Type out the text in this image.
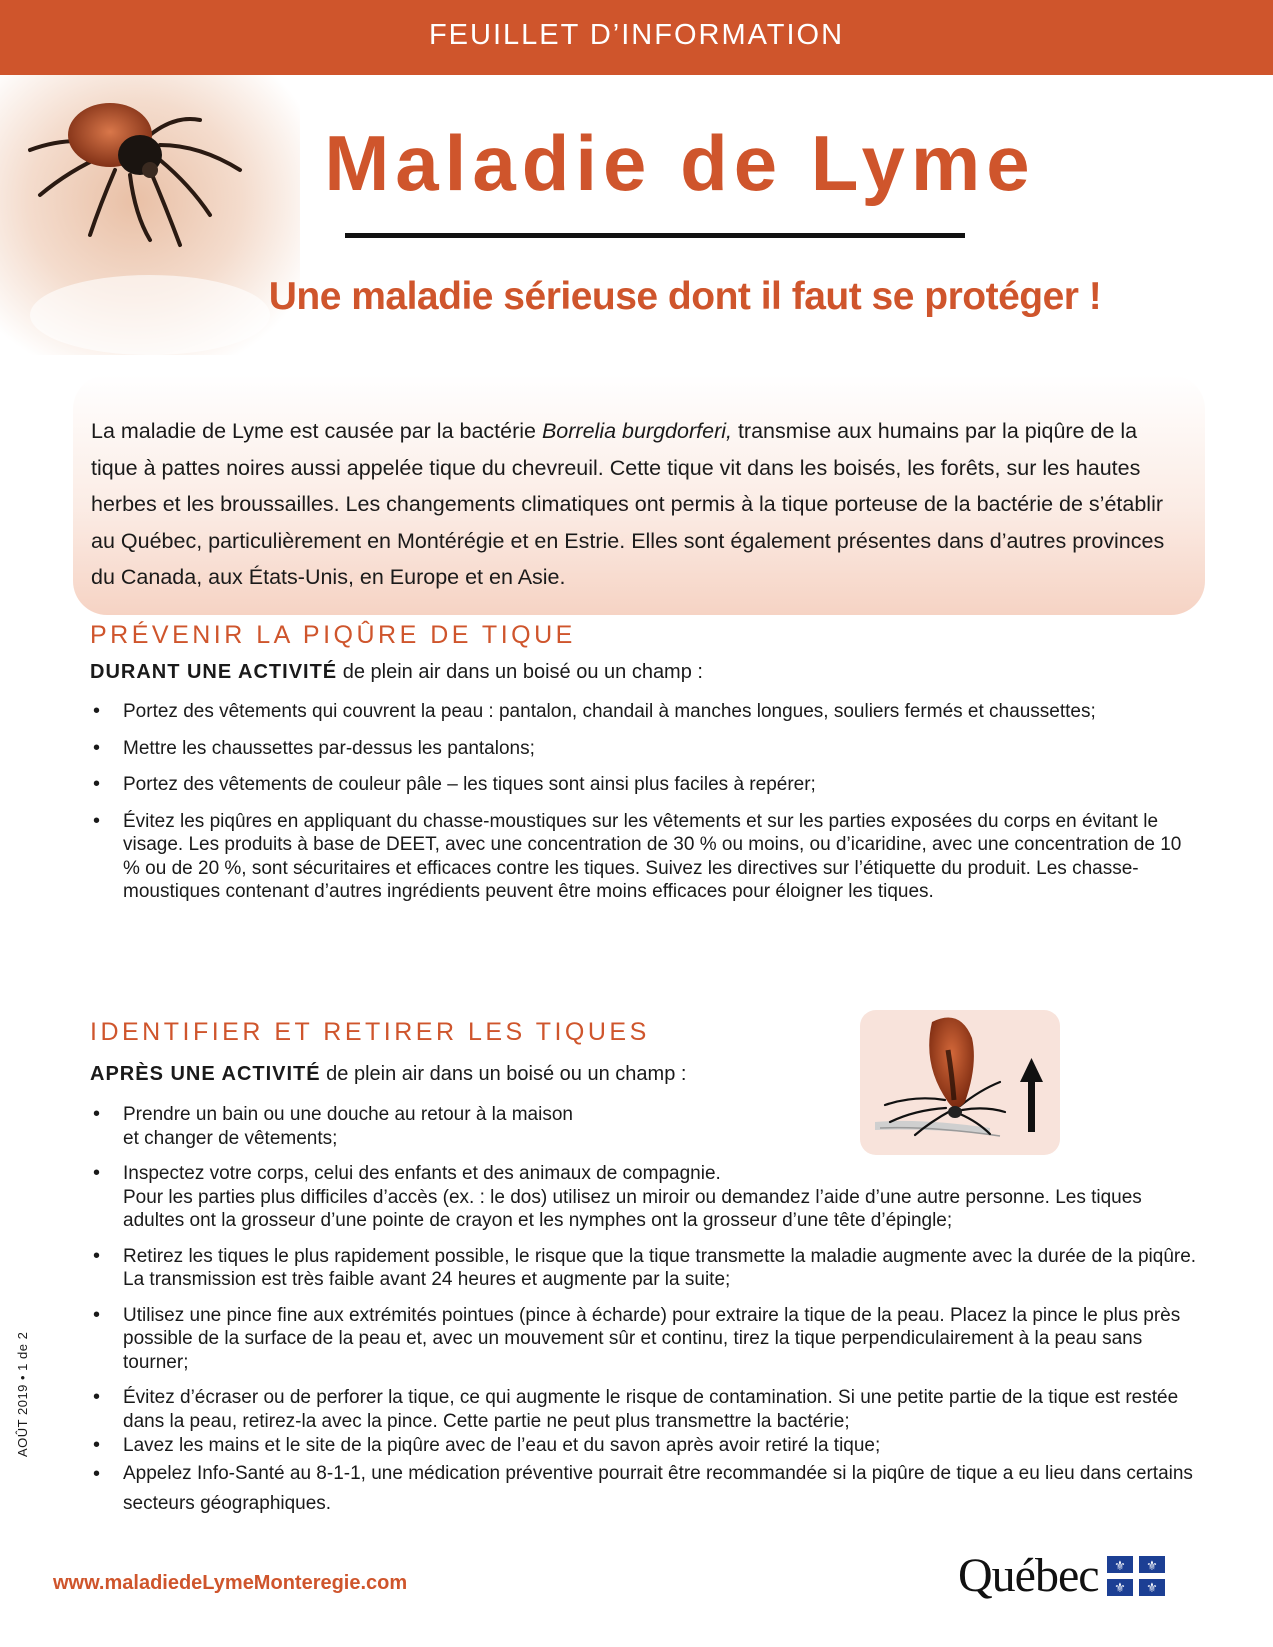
FEUILLET D’INFORMATION
Maladie de Lyme
Une maladie sérieuse dont il faut se protéger !

La maladie de Lyme est causée par la bactérie Borrelia burgdorferi, transmise aux humains par la piqûre de la tique à pattes noires aussi appelée tique du chevreuil. Cette tique vit dans les boisés, les forêts, sur les hautes herbes et les broussailles. Les changements climatiques ont permis à la tique porteuse de la bactérie de s’établir au Québec, particulièrement en Montérégie et en Estrie. Elles sont également présentes dans d’autres provinces du Canada, aux États-Unis, en Europe et en Asie.

PRÉVENIR LA PIQÛRE DE TIQUE
DURANT UNE ACTIVITÉ de plein air dans un boisé ou un champ :
• Portez des vêtements qui couvrent la peau : pantalon, chandail à manches longues, souliers fermés et chaussettes;
• Mettre les chaussettes par-dessus les pantalons;
• Portez des vêtements de couleur pâle – les tiques sont ainsi plus faciles à repérer;
• Évitez les piqûres en appliquant du chasse-moustiques sur les vêtements et sur les parties exposées du corps en évitant le visage. Les produits à base de DEET, avec une concentration de 30 % ou moins, ou d’icaridine, avec une concentration de 10 % ou de 20 %, sont sécuritaires et efficaces contre les tiques. Suivez les directives sur l’étiquette du produit. Les chasse-moustiques contenant d’autres ingrédients peuvent être moins efficaces pour éloigner les tiques.
IDENTIFIER ET RETIRER LES TIQUES
APRÈS UNE ACTIVITÉ de plein air dans un boisé ou un champ :
• Prendre un bain ou une douche au retour à la maison
et changer de vêtements;
• Inspectez votre corps, celui des enfants et des animaux de compagnie.
Pour les parties plus difficiles d’accès (ex. : le dos) utilisez un miroir ou demandez l’aide d’une autre personne. Les tiques adultes ont la grosseur d’une pointe de crayon et les nymphes ont la grosseur d’une tête d’épingle;
• Retirez les tiques le plus rapidement possible, le risque que la tique transmette la maladie augmente avec la durée de la piqûre. La transmission est très faible avant 24 heures et augmente par la suite;
• Utilisez une pince fine aux extrémités pointues (pince à écharde) pour extraire la tique de la peau. Placez la pince le plus près possible de la surface de la peau et, avec un mouvement sûr et continu, tirez la tique perpendiculairement à la peau sans tourner;
• Évitez d’écraser ou de perforer la tique, ce qui augmente le risque de contamination. Si une petite partie de la tique est restée dans la peau, retirez-la avec la pince. Cette partie ne peut plus transmettre la bactérie;
• Lavez les mains et le site de la piqûre avec de l’eau et du savon après avoir retiré la tique;
• Appelez Info-Santé au 8-1-1, une médication préventive pourrait être recommandée si la piqûre de tique a eu lieu dans certains secteurs géographiques.
AOÛT 2019 • 1 de 2
www.maladiedeLymeMonteregie.com	Québec ⚜ ⚜
⚜ ⚜
